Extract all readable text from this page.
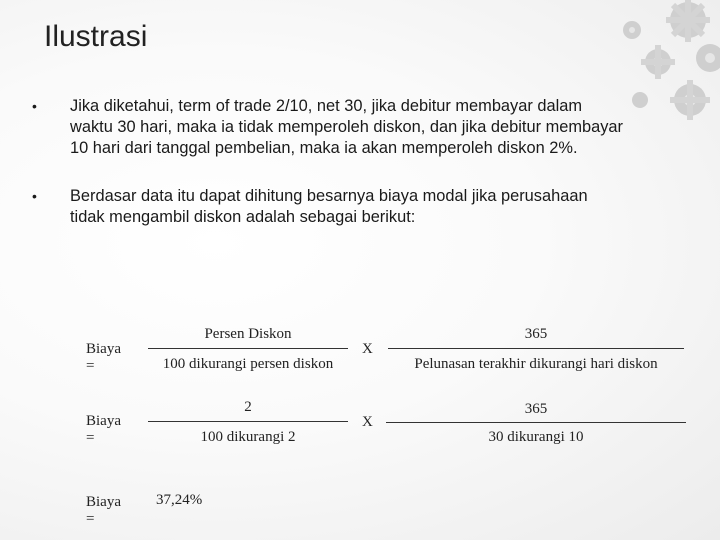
Ilustrasi
• Jika diketahui, term of trade 2/10, net 30, jika debitur membayar dalam
waktu 30 hari, maka ia tidak memperoleh diskon, dan jika debitur membayar
10 hari dari tanggal pembelian, maka ia akan memperoleh diskon 2%.
• Berdasar data itu dapat dihitung besarnya biaya modal jika perusahaan
tidak mengambil diskon adalah sebagai berikut:
Biaya =
Persen Diskon
100 dikurangi persen diskon
X
365
Pelunasan terakhir dikurangi hari diskon
Biaya =
2
100 dikurangi 2
X
365
30 dikurangi 10
Biaya =
37,24%
